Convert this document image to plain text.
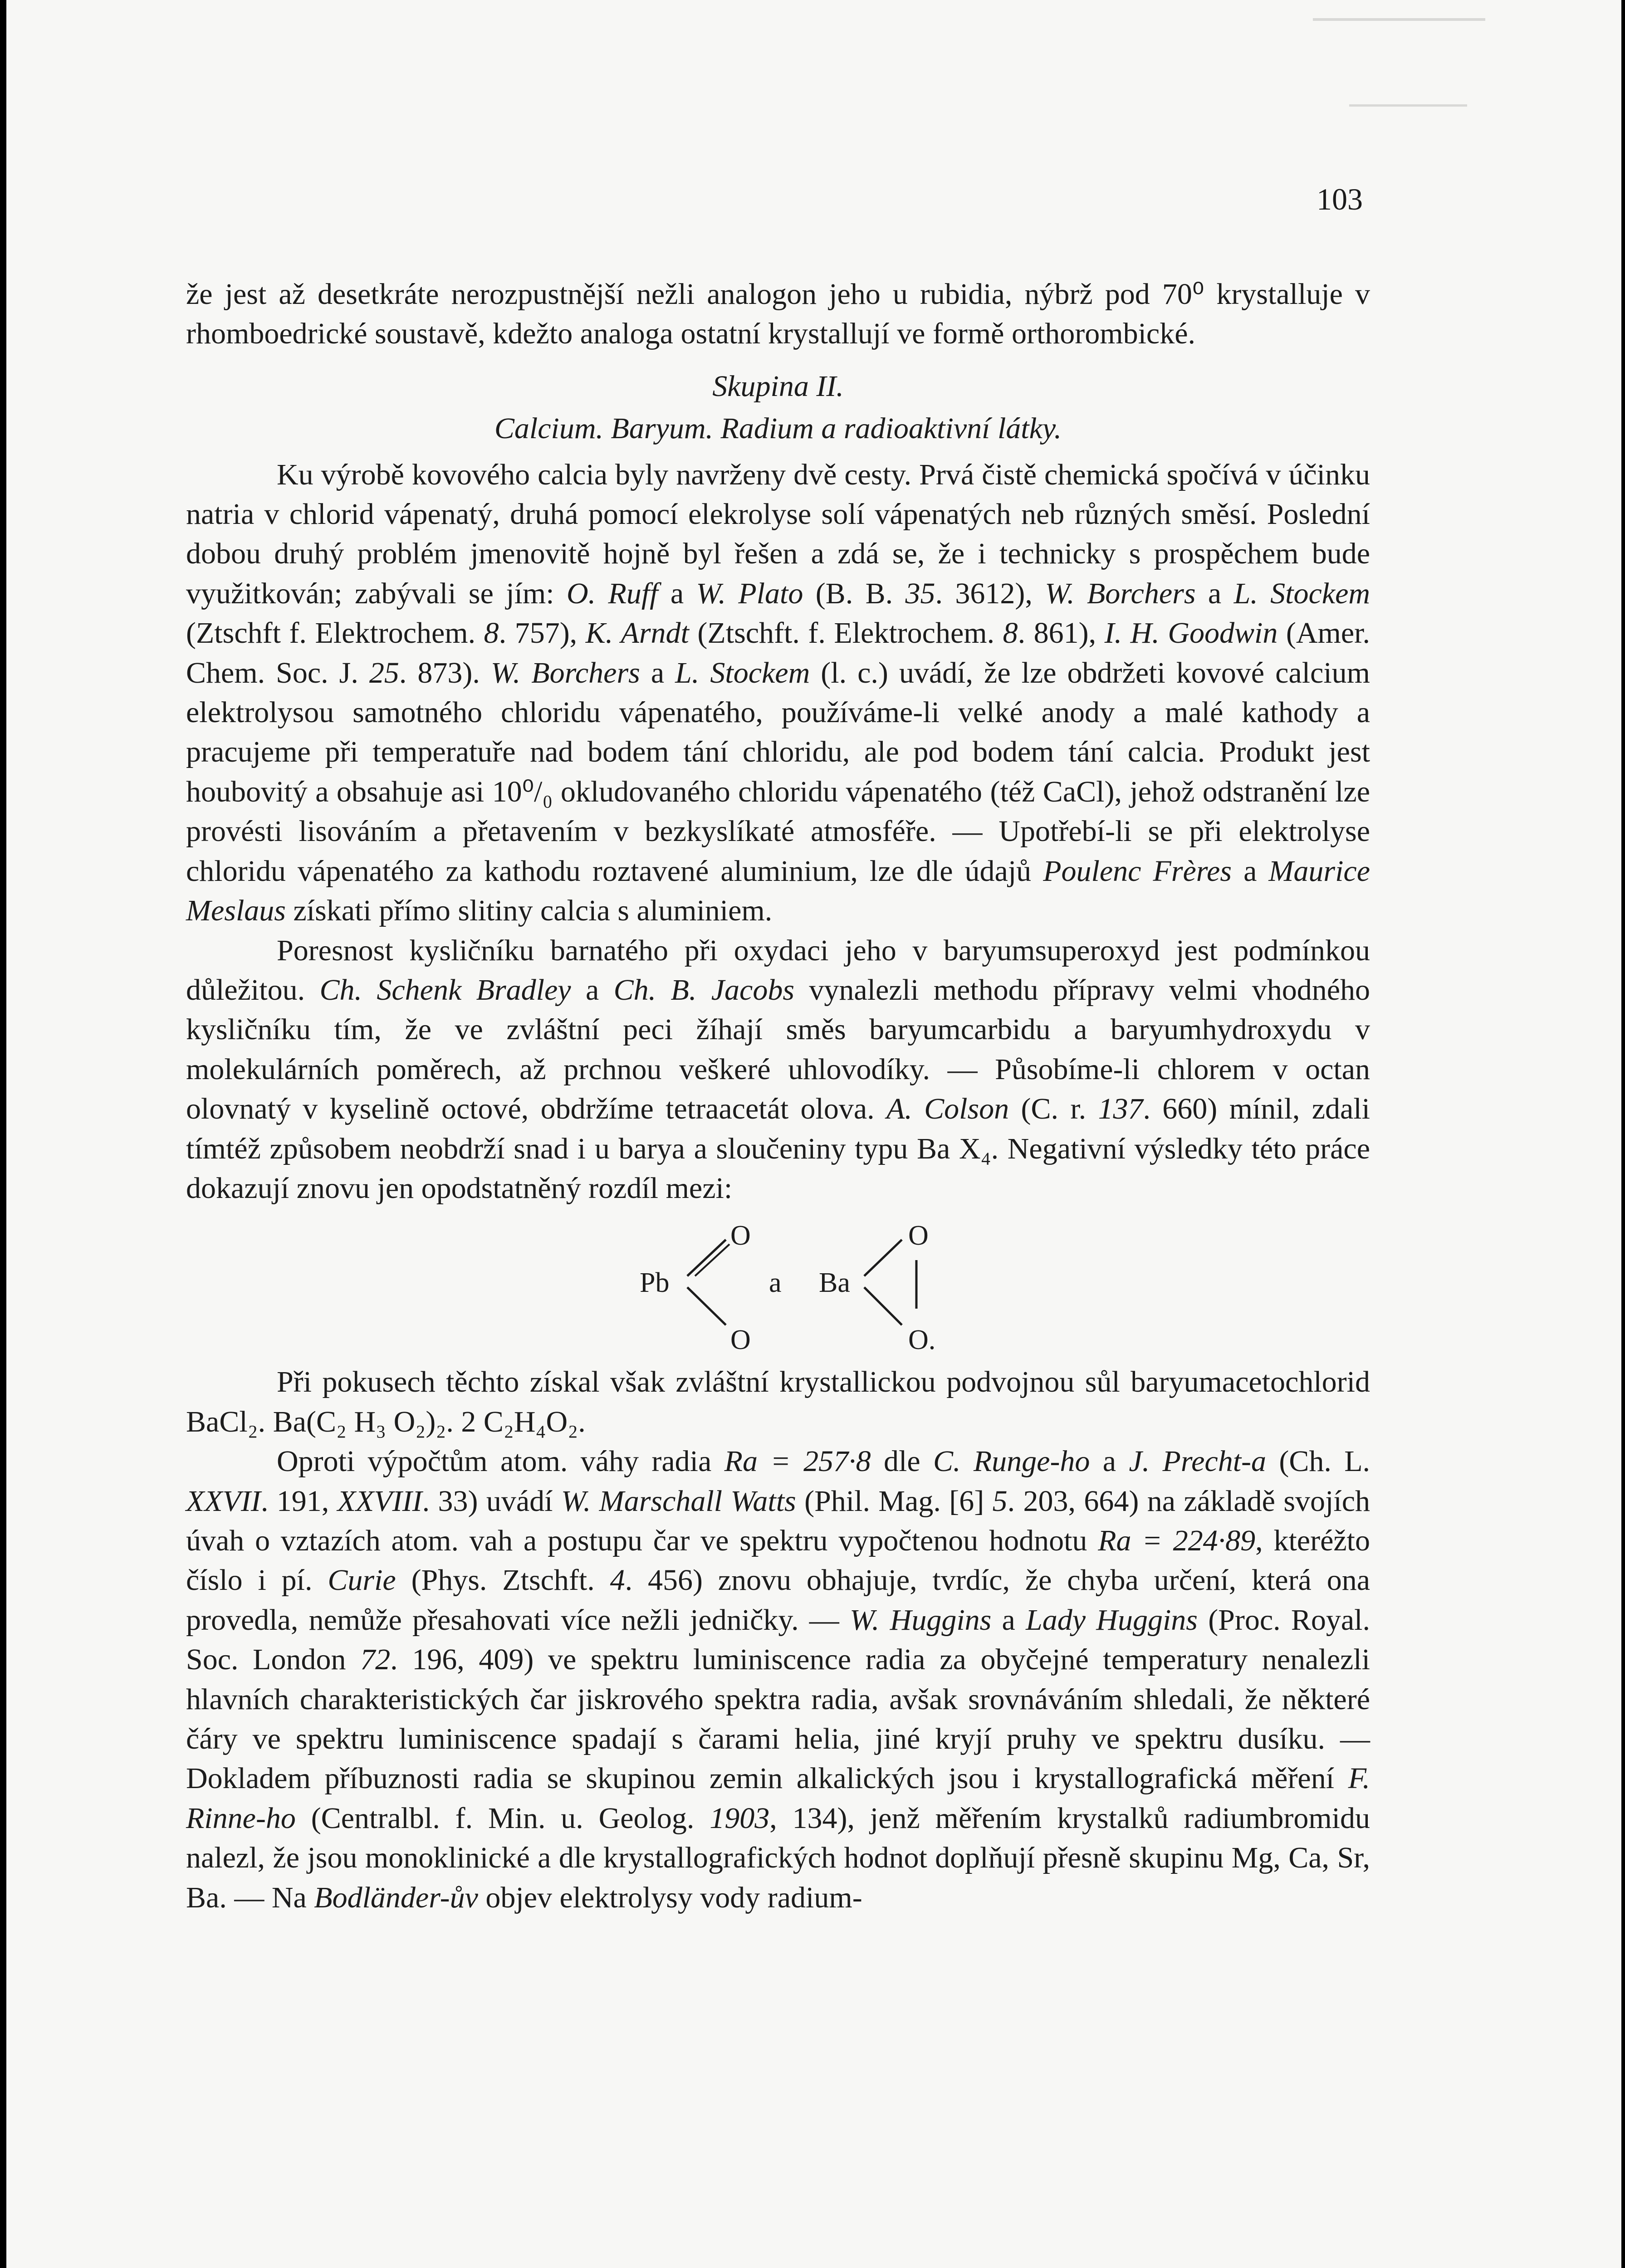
103

že jest až desetkráte nerozpustnější nežli analogon jeho u rubidia, nýbrž pod 70⁰ krystalluje v rhomboedrické soustavě, kdežto analoga ostatní krystallují ve formě orthorombické.

Skupina II.

Calcium. Baryum. Radium a radioaktivní látky.

Ku výrobě kovového calcia byly navrženy dvě cesty. Prvá čistě chemická spočívá v účinku natria v chlorid vápenatý, druhá pomocí elekrolyse solí vápenatých neb různých směsí. Poslední dobou druhý problém jmenovitě hojně byl řešen a zdá se, že i technicky s prospěchem bude využitkován; zabývali se jím: O. Ruff a W. Plato (B. B. 35. 3612), W. Borchers a L. Stockem (Ztschft f. Elektrochem. 8. 757), K. Arndt (Ztschft. f. Elektrochem. 8. 861), I. H. Goodwin (Amer. Chem. Soc. J. 25. 873). W. Borchers a L. Stockem (l. c.) uvádí, že lze obdržeti kovové calcium elektrolysou samotného chloridu vápenatého, používáme-li velké anody a malé kathody a pracujeme při temperatuře nad bodem tání chloridu, ale pod bodem tání calcia. Produkt jest houbovitý a obsahuje asi 10⁰/₀ okludovaného chloridu vápenatého (též CaCl), jehož odstranění lze provésti lisováním a přetavením v bezkyslíkaté atmosféře. — Upotřebí-li se při elektrolyse chloridu vápenatého za kathodu roztavené aluminium, lze dle údajů Poulenc Frères a Maurice Meslaus získati přímo slitiny calcia s aluminiem.

Poresnost kysličníku barnatého při oxydaci jeho v baryumsuperoxyd jest podmínkou důležitou. Ch. Schenk Bradley a Ch. B. Jacobs vynalezli methodu přípravy velmi vhodného kysličníku tím, že ve zvláštní peci žíhají směs baryumcarbidu a baryumhydroxydu v molekulárních poměrech, až prchnou veškeré uhlovodíky. — Působíme-li chlorem v octan olovnatý v kyselině octové, obdržíme tetraacetát olova. A. Colson (C. r. 137. 660) mínil, zdali tímtéž způsobem neobdrží snad i u barya a sloučeniny typu Ba X₄. Negativní výsledky této práce dokazují znovu jen opodstatněný rozdíl mezi:

O
Pb
O
a Ba
O
O.

Při pokusech těchto získal však zvláštní krystallickou podvojnou sůl baryumacetochlorid BaCl₂. Ba(C₂ H₃ O₂)₂. 2 C₂H₄O₂.

Oproti výpočtům atom. váhy radia Ra = 257·8 dle C. Runge-ho a J. Precht-a (Ch. L. XXVII. 191, XXVIII. 33) uvádí W. Marschall Watts (Phil. Mag. [6] 5. 203, 664) na základě svojích úvah o vztazích atom. vah a postupu čar ve spektru vypočtenou hodnotu Ra = 224·89, kteréžto číslo i pí. Curie (Phys. Ztschft. 4. 456) znovu obhajuje, tvrdíc, že chyba určení, která ona provedla, nemůže přesahovati více nežli jedničky. — W. Huggins a Lady Huggins (Proc. Royal. Soc. London 72. 196, 409) ve spektru luminiscence radia za obyčejné temperatury nenalezli hlavních charakteristických čar jiskrového spektra radia, avšak srovnáváním shledali, že některé čáry ve spektru luminiscence spadají s čarami helia, jiné kryjí pruhy ve spektru dusíku. — Dokladem příbuznosti radia se skupinou zemin alkalických jsou i krystallografická měření F. Rinne-ho (Centralbl. f. Min. u. Geolog. 1903, 134), jenž měřením krystalků radiumbromidu nalezl, že jsou monoklinické a dle krystallografických hodnot doplňují přesně skupinu Mg, Ca, Sr, Ba. — Na Bodländer-ův objev elektrolysy vody radium-
